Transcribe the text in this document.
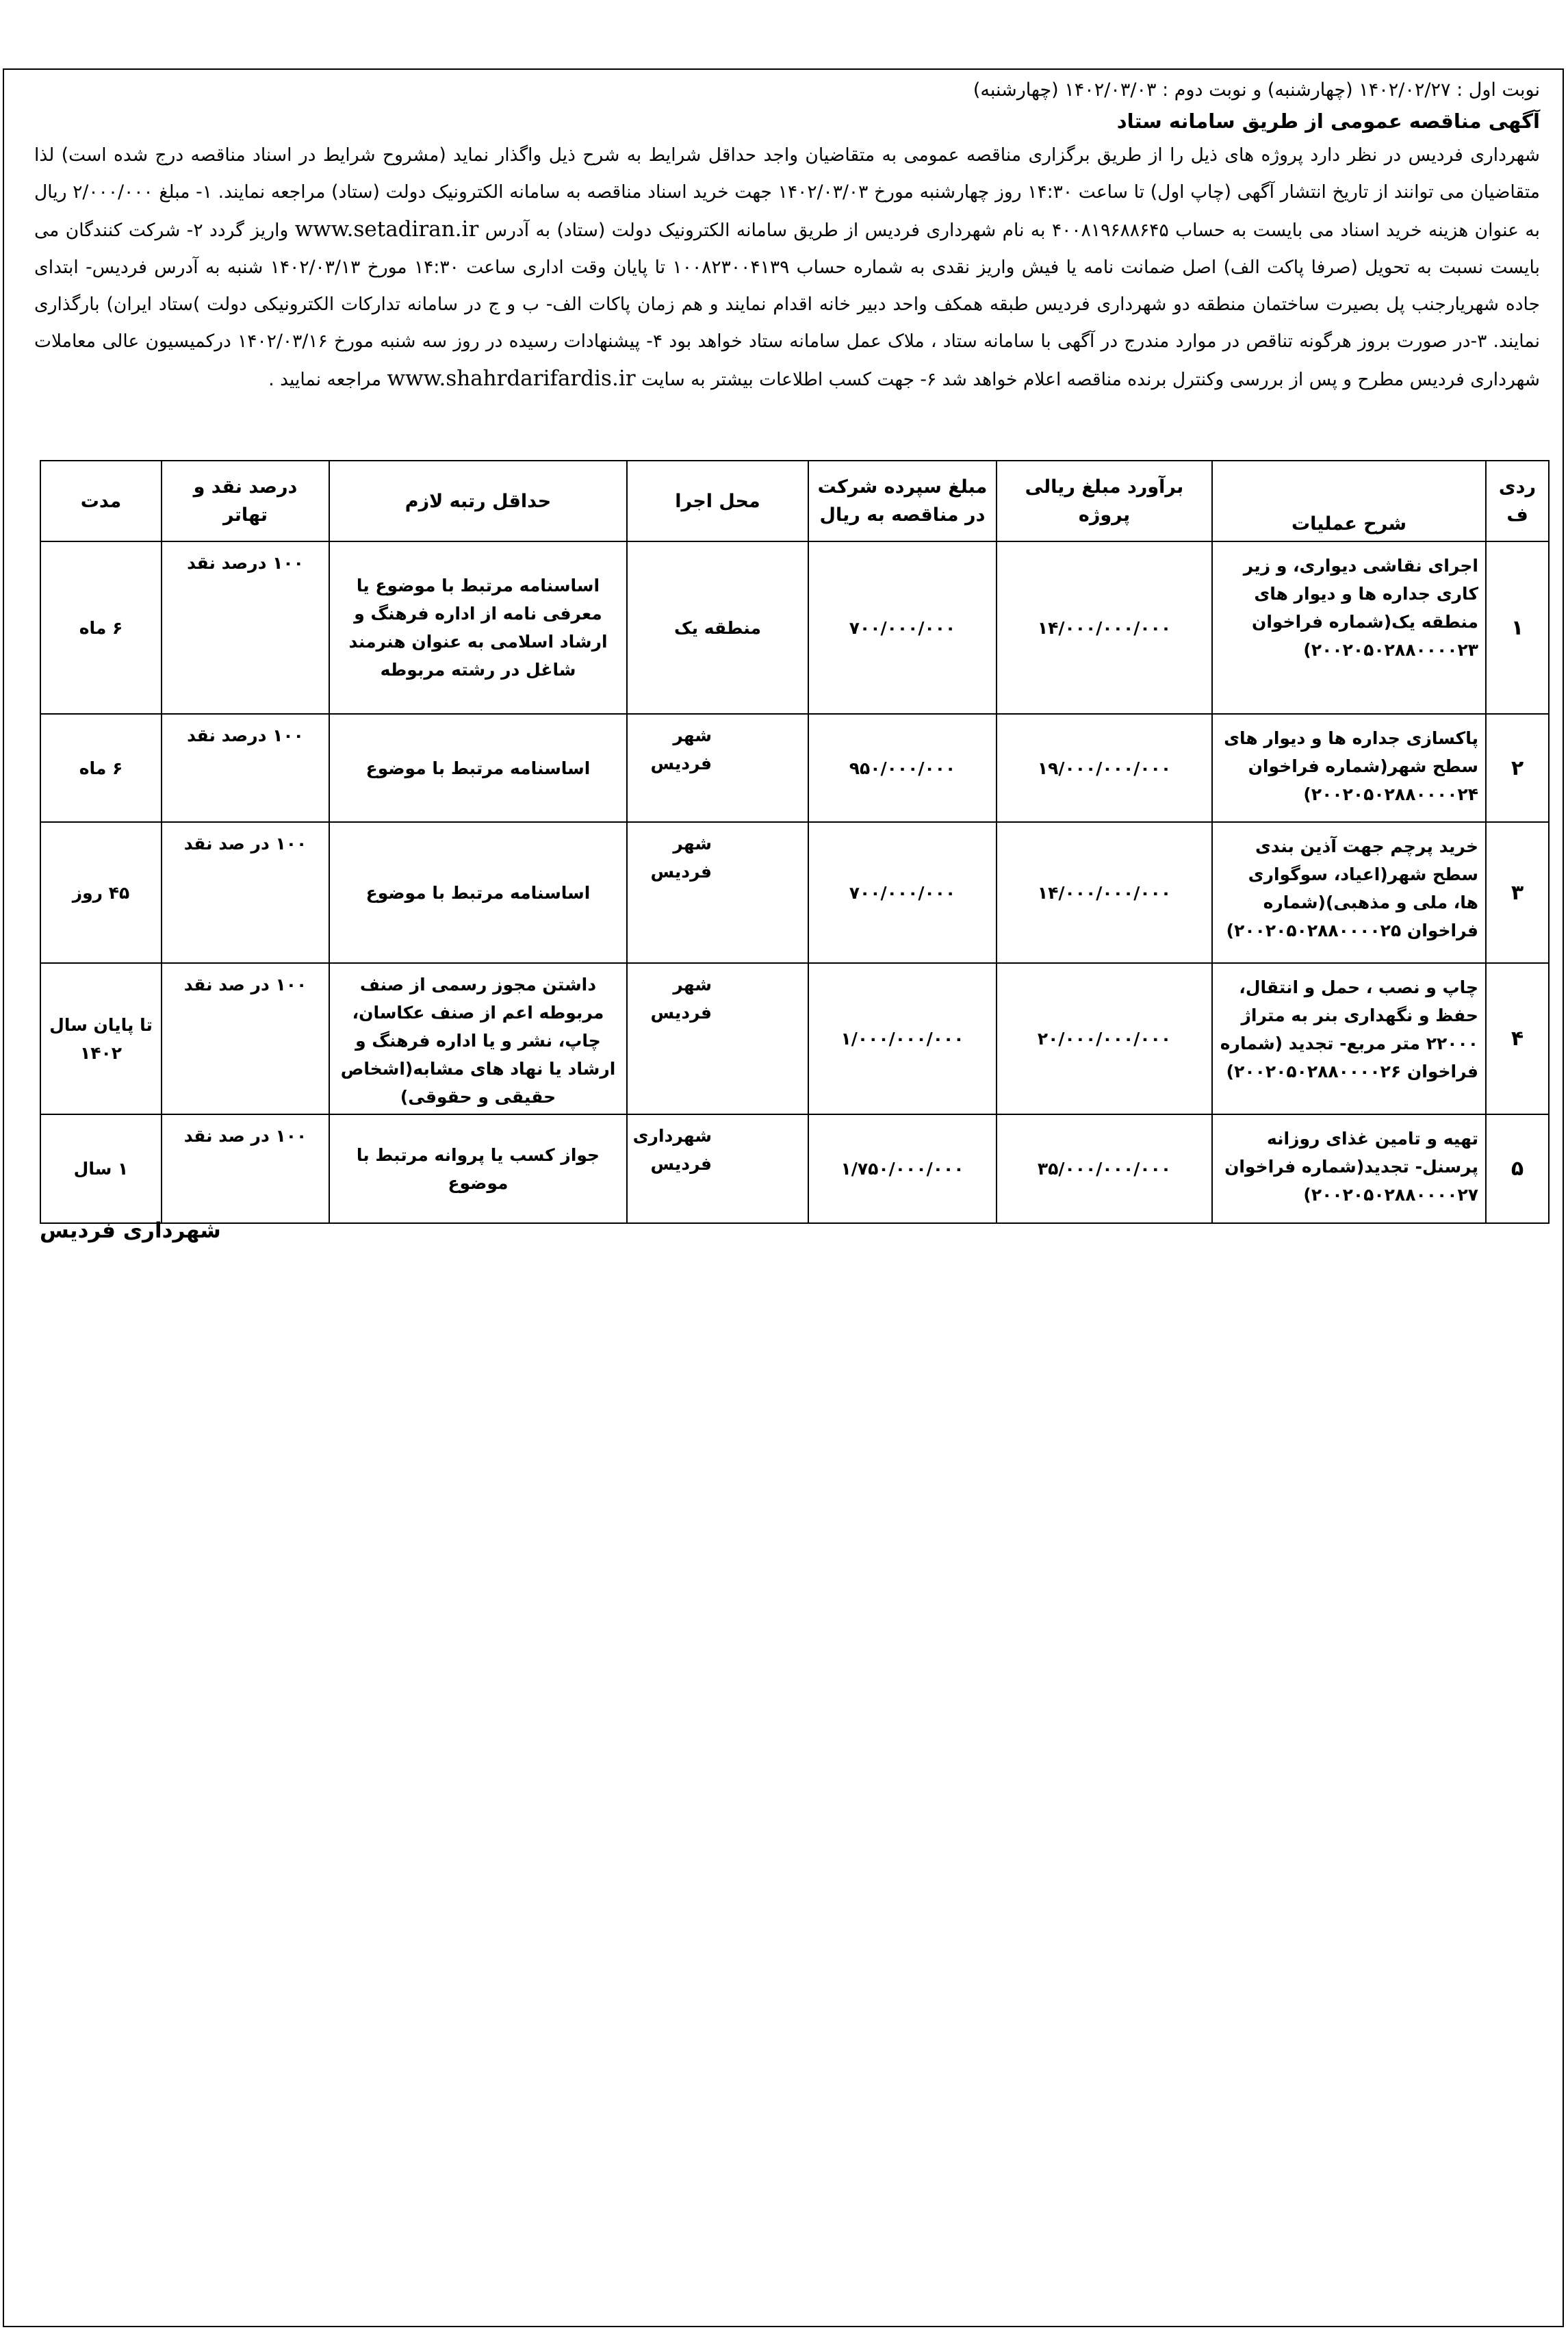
نوبت اول : ۱۴۰۲/۰۲/۲۷ (چهارشنبه) و نوبت دوم : ۱۴۰۲/۰۳/۰۳ (چهارشنبه)
آگهی مناقصه عمومی از طریق سامانه ستاد

شهرداری فردیس در نظر دارد پروژه های ذیل را از طریق برگزاری مناقصه عمومی به متقاضیان واجد حداقل شرایط به شرح ذیل واگذار نماید (مشروح شرایط در اسناد مناقصه درج شده است) لذا متقاضیان می توانند از تاریخ انتشار آگهی (چاپ اول) تا ساعت ۱۴:۳۰ روز چهارشنبه مورخ ۱۴۰۲/۰۳/۰۳ جهت خرید اسناد مناقصه به سامانه الکترونیک دولت (ستاد) مراجعه نمایند. ۱- مبلغ ۲/۰۰۰/۰۰۰ ریال به عنوان هزینه خرید اسناد می بایست به حساب ۴۰۰۸۱۹۶۸۸۶۴۵ به نام شهرداری فردیس از طریق سامانه الکترونیک دولت (ستاد) به آدرس www.setadiran.ir واریز گردد ۲- شرکت کنندگان می بایست نسبت به تحویل (صرفا پاکت الف) اصل ضمانت نامه یا فیش واریز نقدی به شماره حساب ۱۰۰۸۲۳۰۰۴۱۳۹ تا پایان وقت اداری ساعت ۱۴:۳۰ مورخ ۱۴۰۲/۰۳/۱۳ شنبه به آدرس فردیس- ابتدای جاده شهریارجنب پل بصیرت ساختمان منطقه دو شهرداری فردیس طبقه همکف واحد دبیر خانه اقدام نمایند و هم زمان پاکات الف- ب و ج در سامانه تدارکات الکترونیکی دولت )ستاد ایران) بارگذاری نمایند. ۳-در صورت بروز هرگونه تناقص در موارد مندرج در آگهی با سامانه ستاد ، ملاک عمل سامانه ستاد خواهد بود ۴- پیشنهادات رسیده در روز سه شنبه مورخ ۱۴۰۲/۰۳/۱۶ درکمیسیون عالی معاملات شهرداری فردیس مطرح و پس از بررسی وکنترل برنده مناقصه اعلام خواهد شد ۶- جهت کسب اطلاعات بیشتر به سایت www.shahrdarifardis.ir مراجعه نمایید .

ردی ف	شرح عملیات	برآورد مبلغ ریالی پروژه	مبلغ سپرده شرکت در مناقصه به ریال	محل اجرا	حداقل رتبه لازم	درصد نقد و تهاتر	مدت
۱	اجرای نقاشی دیواری، و زیر کاری جداره ها و دیوار های منطقه یک(شماره فراخوان ۲۰۰۲۰۵۰۲۸۸۰۰۰۰۲۳)	۱۴/۰۰۰/۰۰۰/۰۰۰	۷۰۰/۰۰۰/۰۰۰	منطقه یک	اساسنامه مرتبط با موضوع یا معرفی نامه از اداره فرهنگ و ارشاد اسلامی به عنوان هنرمند شاغل در رشته مربوطه	۱۰۰ درصد نقد	۶ ماه
۲	پاکسازی جداره ها و دیوار های سطح شهر(شماره فراخوان ۲۰۰۲۰۵۰۲۸۸۰۰۰۰۲۴)	۱۹/۰۰۰/۰۰۰/۰۰۰	۹۵۰/۰۰۰/۰۰۰	شهر فردیس	اساسنامه مرتبط با موضوع	۱۰۰ درصد نقد	۶ ماه
۳	خرید پرچم جهت آذین بندی سطح شهر(اعیاد، سوگواری ها، ملی و مذهبی)(شماره فراخوان ۲۰۰۲۰۵۰۲۸۸۰۰۰۰۲۵)	۱۴/۰۰۰/۰۰۰/۰۰۰	۷۰۰/۰۰۰/۰۰۰	شهر فردیس	اساسنامه مرتبط با موضوع	۱۰۰ در صد نقد	۴۵ روز
۴	چاپ و نصب ، حمل و انتقال، حفظ و نگهداری بنر به متراژ ۲۲۰۰۰ متر مربع- تجدید (شماره فراخوان ۲۰۰۲۰۵۰۲۸۸۰۰۰۰۲۶)	۲۰/۰۰۰/۰۰۰/۰۰۰	۱/۰۰۰/۰۰۰/۰۰۰	شهر فردیس	داشتن مجوز رسمی از صنف مربوطه اعم از صنف عکاسان، چاپ، نشر و یا اداره فرهنگ و ارشاد یا نهاد های مشابه(اشخاص حقیقی و حقوقی)	۱۰۰ در صد نقد	تا پایان سال ۱۴۰۲
۵	تهیه و تامین غذای روزانه پرسنل- تجدید(شماره فراخوان ۲۰۰۲۰۵۰۲۸۸۰۰۰۰۲۷)	۳۵/۰۰۰/۰۰۰/۰۰۰	۱/۷۵۰/۰۰۰/۰۰۰	شهرداری فردیس	جواز کسب یا پروانه مرتبط با موضوع	۱۰۰ در صد نقد	۱ سال
شهرداری فردیس
